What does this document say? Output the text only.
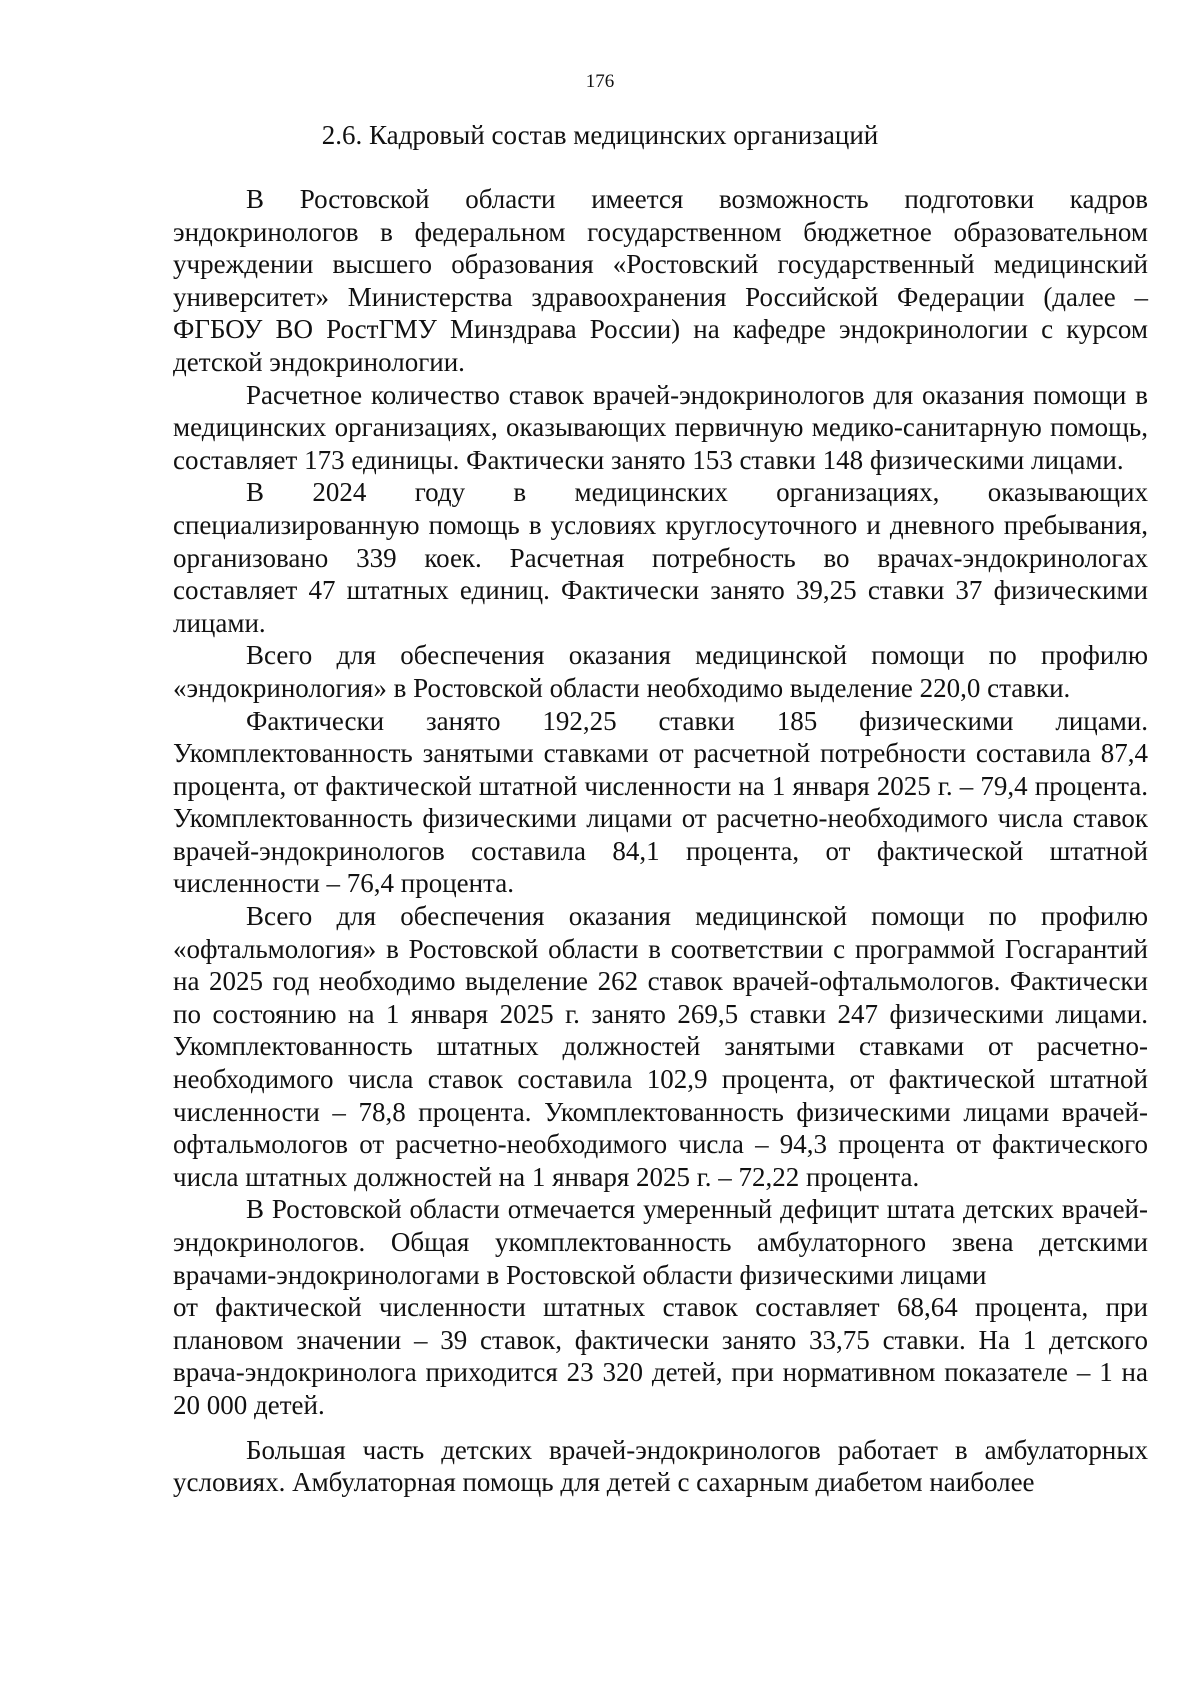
176
2.6. Кадровый состав медицинских организаций

В Ростовской области имеется возможность подготовки кадров эндокринологов в федеральном государственном бюджетное образовательном учреждении высшего образования «Ростовский государственный медицинский университет» Министерства здравоохранения Российской Федерации (далее – ФГБОУ ВО РостГМУ Минздрава России) на кафедре эндокринологии с курсом детской эндокринологии.

Расчетное количество ставок врачей-эндокринологов для оказания помощи в медицинских организациях, оказывающих первичную медико-санитарную помощь, составляет 173 единицы. Фактически занято 153 ставки 148 физическими лицами.

В 2024 году в медицинских организациях, оказывающих специализированную помощь в условиях круглосуточного и дневного пребывания, организовано 339 коек. Расчетная потребность во врачах-эндокринологах составляет 47 штатных единиц. Фактически занято 39,25 ставки 37 физическими лицами.

Всего для обеспечения оказания медицинской помощи по профилю «эндокринология» в Ростовской области необходимо выделение 220,0 ставки.

Фактически занято 192,25 ставки 185 физическими лицами. Укомплектованность занятыми ставками от расчетной потребности составила 87,4 процента, от фактической штатной численности на 1 января 2025 г. – 79,4 процента. Укомплектованность физическими лицами от расчетно-необходимого числа ставок врачей-эндокринологов составила 84,1 процента, от фактической штатной численности – 76,4 процента.

Всего для обеспечения оказания медицинской помощи по профилю «офтальмология» в Ростовской области в соответствии с программой Госгарантий на 2025 год необходимо выделение 262 ставок врачей-офтальмологов. Фактически по состоянию на 1 января 2025 г. занято 269,5 ставки 247 физическими лицами. Укомплектованность штатных должностей занятыми ставками от расчетно-необходимого числа ставок составила 102,9 процента, от фактической штатной численности – 78,8 процента. Укомплектованность физическими лицами врачей-офтальмологов от расчетно-необходимого числа – 94,3 процента от фактического числа штатных должностей на 1 января 2025 г. – 72,22 процента.

В Ростовской области отмечается умеренный дефицит штата детских врачей-эндокринологов. Общая укомплектованность амбулаторного звена детскими врачами-эндокринологами в Ростовской области физическими лицами

от фактической численности штатных ставок составляет 68,64 процента, при плановом значении – 39 ставок, фактически занято 33,75 ставки. На 1 детского врача-эндокринолога приходится 23 320 детей, при нормативном показателе – 1 на 20 000 детей.

Большая часть детских врачей-эндокринологов работает в амбулаторных условиях. Амбулаторная помощь для детей с сахарным диабетом наиболее
